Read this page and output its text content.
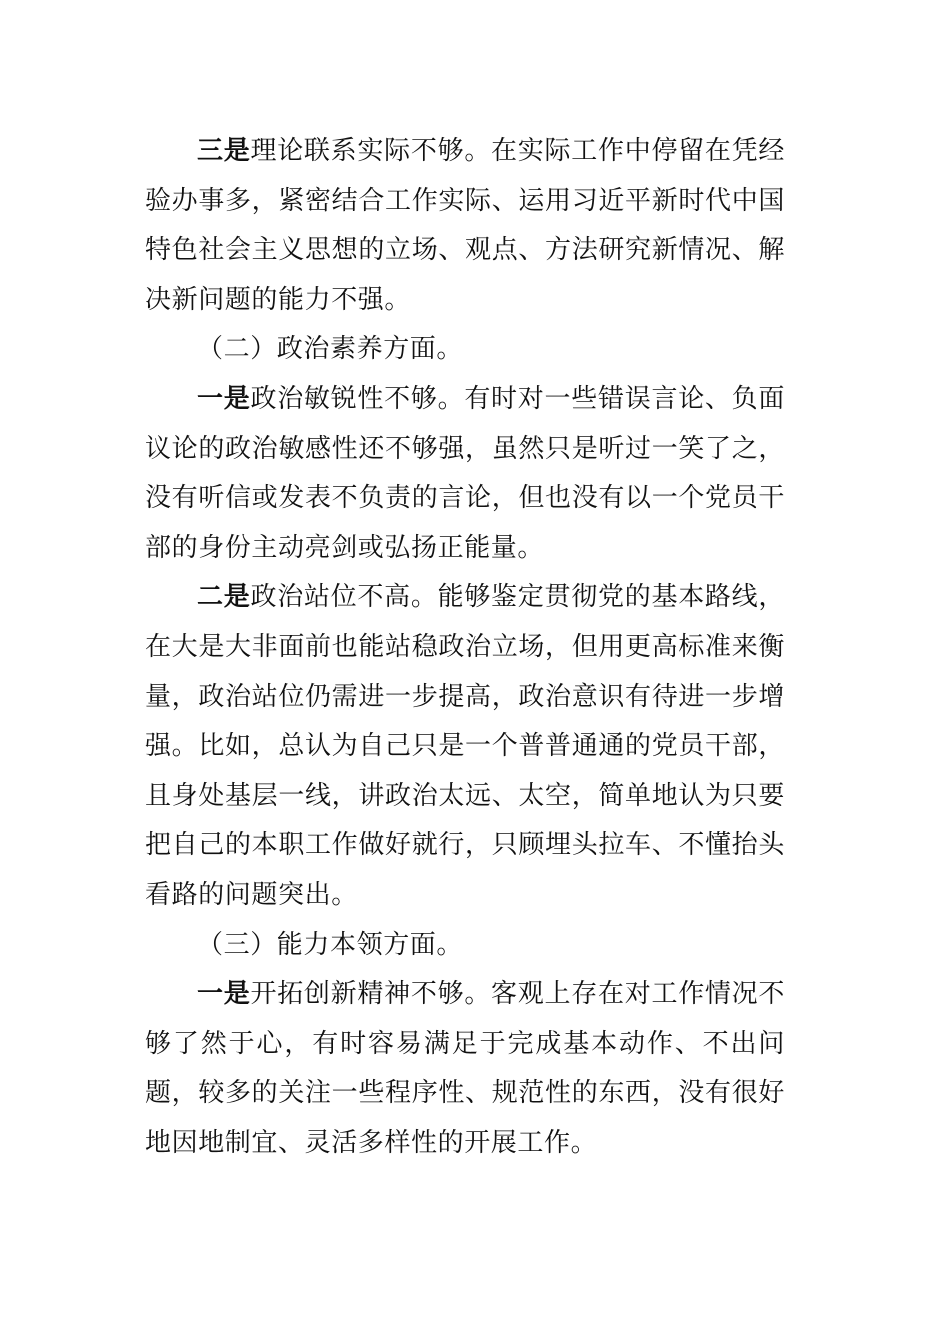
三是理论联系实际不够。在实际工作中停留在凭经验办事多，紧密结合工作实际、运用习近平新时代中国特色社会主义思想的立场、观点、方法研究新情况、解决新问题的能力不强。

（二）政治素养方面。

一是政治敏锐性不够。有时对一些错误言论、负面议论的政治敏感性还不够强，虽然只是听过一笑了之，没有听信或发表不负责的言论，但也没有以一个党员干部的身份主动亮剑或弘扬正能量。

二是政治站位不高。能够鉴定贯彻党的基本路线，在大是大非面前也能站稳政治立场，但用更高标准来衡量，政治站位仍需进一步提高，政治意识有待进一步增强。比如，总认为自己只是一个普普通通的党员干部，且身处基层一线，讲政治太远、太空，简单地认为只要把自己的本职工作做好就行，只顾埋头拉车、不懂抬头看路的问题突出。

（三）能力本领方面。

一是开拓创新精神不够。客观上存在对工作情况不够了然于心，有时容易满足于完成基本动作、不出问题，较多的关注一些程序性、规范性的东西，没有很好地因地制宜、灵活多样性的开展工作。
